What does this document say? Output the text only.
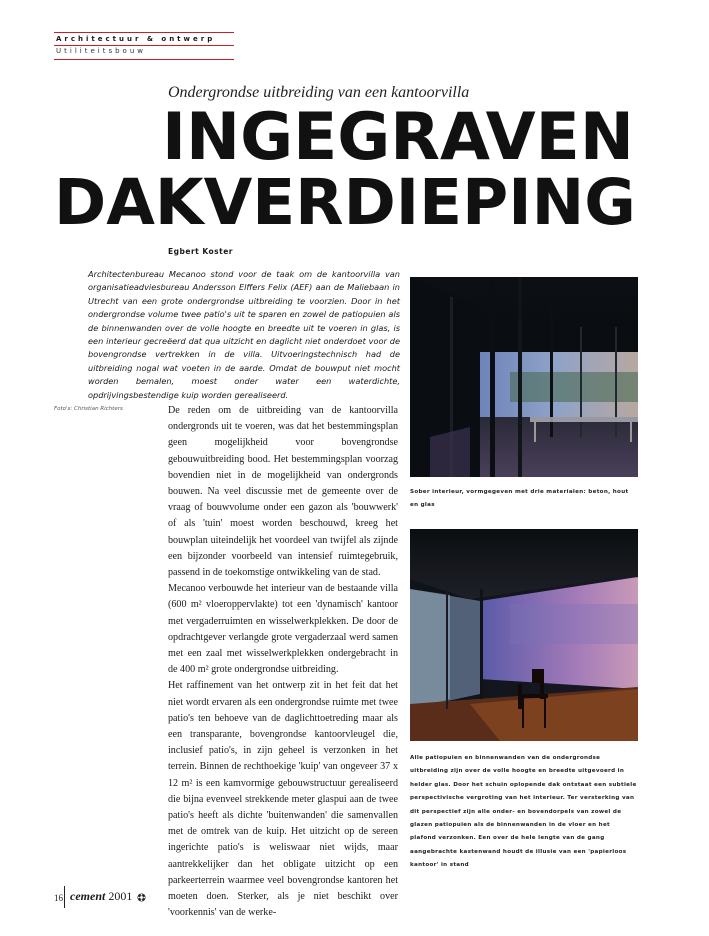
Architectuur & ontwerp
Utiliteitsbouw
Ondergrondse uitbreiding van een kantoorvilla
INGEGRAVEN
DAKVERDIEPING
Egbert Koster
Architectenbureau Mecanoo stond voor de taak om de kantoorvilla van organisatieadviesbureau Andersson Elffers Felix (AEF) aan de Maliebaan in Utrecht van een grote ondergrondse uitbreiding te voorzien. Door in het ondergrondse volume twee patio's uit te sparen en zowel de patiopuien als de binnenwanden over de volle hoogte en breedte uit te voeren in glas, is een interieur gecreëerd dat qua uitzicht en daglicht niet onderdoet voor de bovengrondse vertrekken in de villa. Uitvoeringstechnisch had de uitbreiding nogal wat voeten in de aarde. Omdat de bouwput niet mocht worden bemalen, moest onder water een waterdichte, opdrijvingsbestendige kuip worden gerealiseerd.
Foto's: Christian Richters	De reden om de uitbreiding van de kantoorvilla ondergronds uit te voeren, was dat het bestemmingsplan geen mogelijkheid voor bovengrondse gebouwuitbreiding bood. Het bestemmingsplan voorzag bovendien niet in de mogelijkheid van ondergronds bouwen. Na veel discussie met de gemeente over de vraag of bouwvolume onder een gazon als 'bouwwerk' of als 'tuin' moest worden beschouwd, kreeg het bouwplan uiteindelijk het voordeel van twijfel als zijnde een bijzonder voorbeeld van intensief ruimtegebruik, passend in de toekomstige ontwikkeling van de stad.

Mecanoo verbouwde het interieur van de bestaande villa (600 m² vloeroppervlakte) tot een 'dynamisch' kantoor met vergaderruimten en wisselwerkplekken. De door de opdrachtgever verlangde grote vergaderzaal werd samen met een zaal met wisselwerkplekken ondergebracht in de 400 m² grote ondergrondse uitbreiding.

Het raffinement van het ontwerp zit in het feit dat het niet wordt ervaren als een ondergrondse ruimte met twee patio's ten behoeve van de daglichttoetreding maar als een transparante, bovengrondse kantoorvleugel die, inclusief patio's, in zijn geheel is verzonken in het terrein. Binnen de rechthoekige 'kuip' van ongeveer 37 x 12 m² is een kamvormige gebouwstructuur gerealiseerd die bijna evenveel strekkende meter glaspui aan de twee patio's heeft als dichte 'buitenwanden' die samenvallen met de omtrek van de kuip. Het uitzicht op de sereen ingerichte patio's is weliswaar niet wijds, maar aantrekkelijker dan het obligate uitzicht op een parkeerterrein waarmee veel bovengrondse kantoren het moeten doen. Sterker, als je niet beschikt over 'voorkennis' van de werke-

Sober interieur, vormgegeven met drie materialen: beton, hout en glas
Alle patiopuien en binnenwanden van de ondergrondse uitbreiding zijn over de volle hoogte en breedte uitgevoerd in helder glas. Door het schuin oplopende dak ontstaat een subtiele perspectivische vergroting van het interieur. Ter versterking van dit perspectief zijn alle onder- en bovendorpels van zowel de glazen patiopuien als de binnenwanden in de vloer en het plafond verzonken. Een over de hele lengte van de gang aangebrachte kastenwand houdt de illusie van een 'papierloos kantoor' in stand
16 cement 2001
